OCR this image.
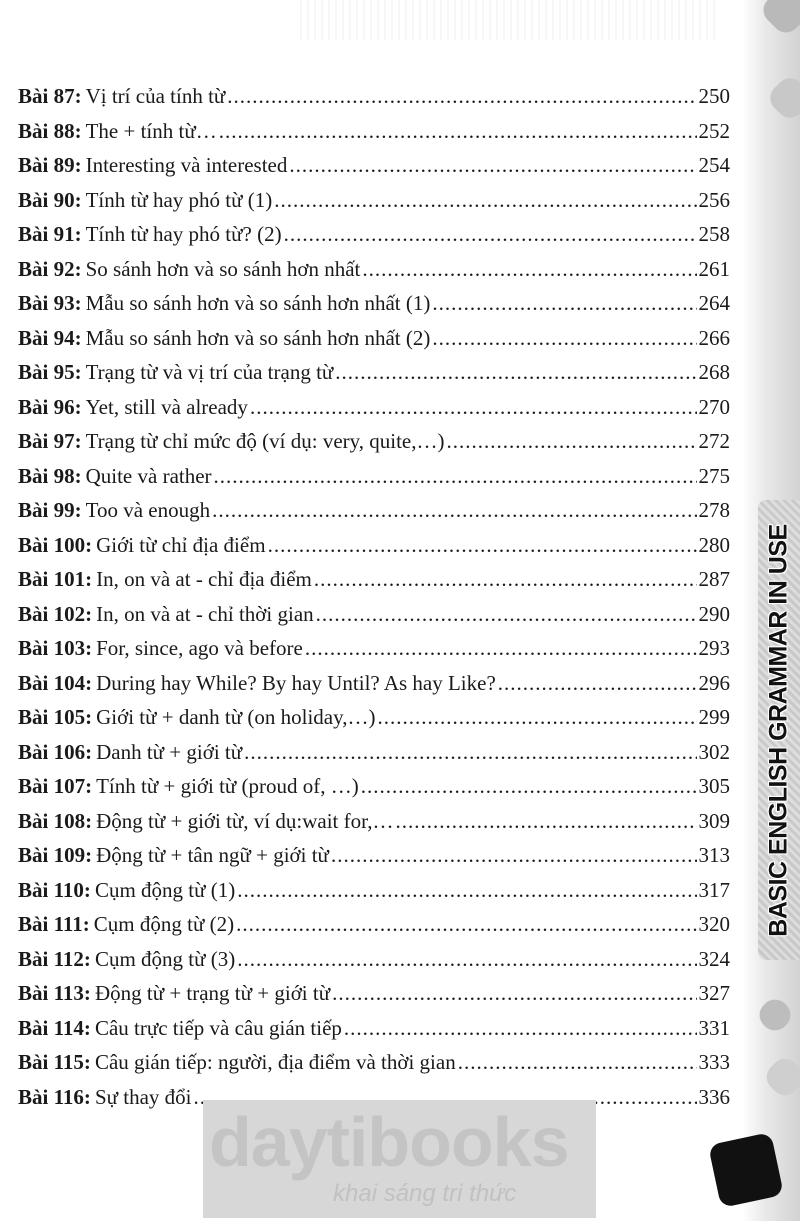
BASIC ENGLISH GRAMMAR IN USE
Bài 87: Vị trí của tính từ .....	250
Bài 88: The + tính từ… .....	252
Bài 89: Interesting và interested .....	254
Bài 90: Tính từ hay phó từ (1) .....	256
Bài 91: Tính từ hay phó từ? (2) .....	258
Bài 92: So sánh hơn và so sánh hơn nhất .....	261
Bài 93: Mẫu so sánh hơn và so sánh hơn nhất (1) .....	264
Bài 94: Mẫu so sánh hơn và so sánh hơn nhất (2) .....	266
Bài 95: Trạng từ và vị trí của trạng từ .....	268
Bài 96: Yet, still và already .....	270
Bài 97: Trạng từ chỉ mức độ (ví dụ: very, quite,…) .....	272
Bài 98: Quite và rather .....	275
Bài 99: Too và enough .....	278
Bài 100: Giới từ chỉ địa điểm .....	280
Bài 101: In, on và at - chỉ địa điểm .....	287
Bài 102: In, on và at - chỉ thời gian .....	290
Bài 103: For, since, ago và before .....	293
Bài 104: During hay While? By hay Until? As hay Like? .....	296
Bài 105: Giới từ + danh từ (on holiday,…) .....	299
Bài 106: Danh từ + giới từ .....	302
Bài 107: Tính từ + giới từ (proud of, …) .....	305
Bài 108: Động từ + giới từ, ví dụ:wait for,… .....	309
Bài 109: Động từ + tân ngữ + giới từ .....	313
Bài 110: Cụm động từ (1) .....	317
Bài 111: Cụm động từ (2) .....	320
Bài 112: Cụm động từ (3) .....	324
Bài 113: Động từ + trạng từ + giới từ .....	327
Bài 114: Câu trực tiếp và câu gián tiếp .....	331
Bài 115: Câu gián tiếp: người, địa điểm và thời gian .....	333
Bài 116: Sự thay đổi .....	336
daytibooks
khai sáng tri thức
